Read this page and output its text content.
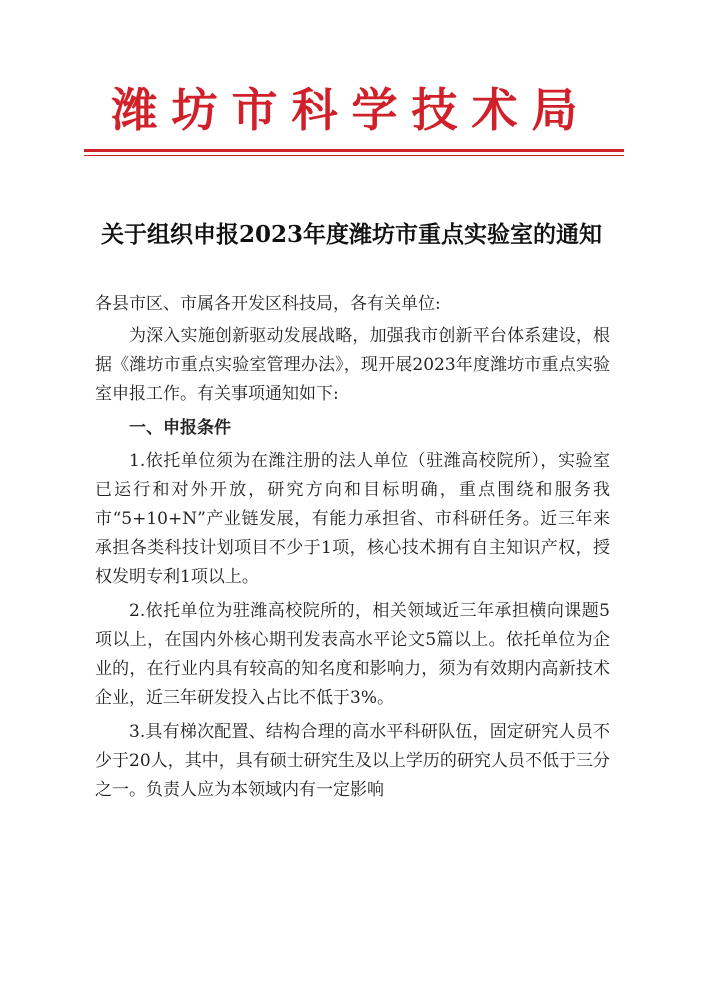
潍坊市科学技术局
关于组织申报2023年度潍坊市重点实验室的通知

各县市区、市属各开发区科技局，各有关单位:

为深入实施创新驱动发展战略，加强我市创新平台体系建设，根据《潍坊市重点实验室管理办法》，现开展2023年度潍坊市重点实验室申报工作。有关事项通知如下:

一、申报条件

1.依托单位须为在潍注册的法人单位（驻潍高校院所），实验室已运行和对外开放，研究方向和目标明确，重点围绕和服务我市“5+10+N”产业链发展，有能力承担省、市科研任务。近三年来承担各类科技计划项目不少于1项，核心技术拥有自主知识产权，授权发明专利1项以上。

2.依托单位为驻潍高校院所的，相关领域近三年承担横向课题5项以上，在国内外核心期刊发表高水平论文5篇以上。依托单位为企业的，在行业内具有较高的知名度和影响力，须为有效期内高新技术企业，近三年研发投入占比不低于3%。

3.具有梯次配置、结构合理的高水平科研队伍，固定研究人员不少于20人，其中，具有硕士研究生及以上学历的研究人员不低于三分之一。负责人应为本领域内有一定影响
